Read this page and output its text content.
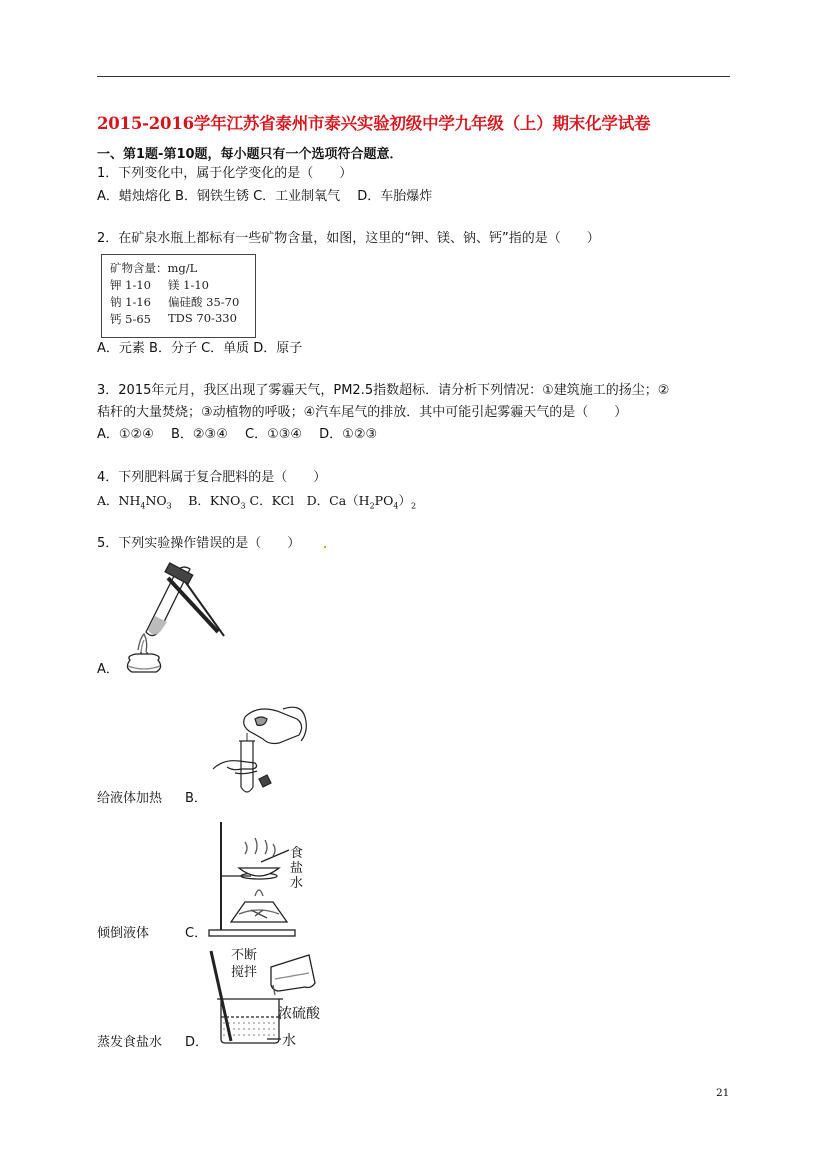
2015-2016学年江苏省泰州市泰兴实验初级中学九年级（上）期末化学试卷
一、第1题-第10题，每小题只有一个选项符合题意．
1．下列变化中，属于化学变化的是（　　）
A．蜡烛熔化 B．钢铁生锈 C．工业制氧气　 D．车胎爆炸
2．在矿泉水瓶上都标有一些矿物含量，如图，这里的“钾、镁、钠、钙”指的是（　　）
矿物含量：mg/L
钾 1-10 镁 1-10
钠 1-16 偏硅酸 35-70
钙 5-65 TDS 70-330
A．元素 B．分子 C．单质 D．原子
3．2015年元月，我区出现了雾霾天气，PM2.5指数超标．请分析下列情况：①建筑施工的扬尘；②
秸秆的大量焚烧；③动植物的呼吸；④汽车尾气的排放．其中可能引起雾霾天气的是（　　）
A．①②④　 B．②③④　 C．①③④　 D．①②③
4．下列肥料属于复合肥料的是（　　）
A．$NH_4NO_3$　 B．$KNO_3$ C．KCl　D．$Ca(H_2PO_4)_2$
5．下列实验操作错误的是（　　）
A．
给液体加热 B．
食
盐
水
倾倒液体	C．
不断
搅拌
浓硫酸
水
蒸发食盐水 D．
21
